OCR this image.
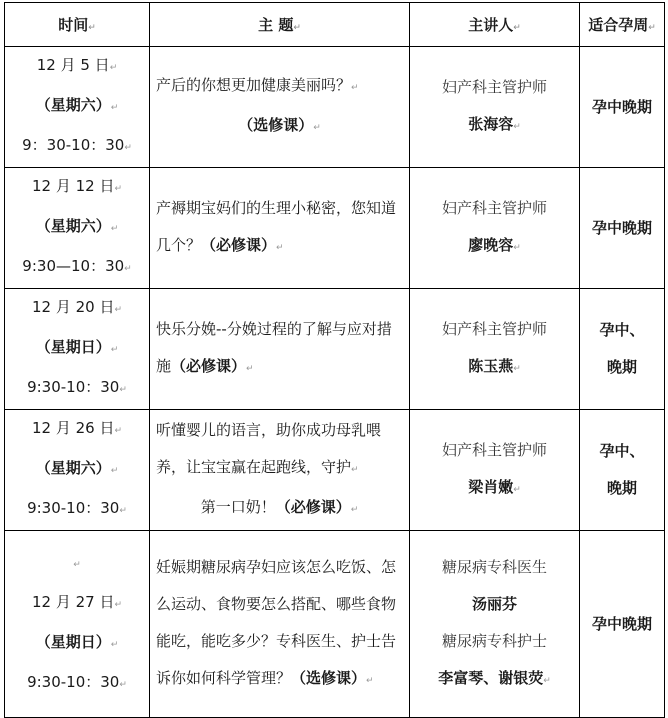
时间↵	主 题↵	主讲人↵	适合孕周↵

12 月 5 日↵
（星期六）↵
9：30-10：30↵	产后的你想更加健康美丽吗？↵
（选修课）↵	妇产科主管护师
张海容↵	孕中晚期

12 月 12 日↵
（星期六）↵
9:30—10：30↵	产褥期宝妈们的生理小秘密，您知道几个？（必修课）↵	妇产科主管护师
廖晚容↵	孕中晚期

12 月 20 日↵
（星期日）↵
9:30-10：30↵	快乐分娩--分娩过程的了解与应对措施（必修课）↵	妇产科主管护师
陈玉燕↵	孕中、
晚期

12 月 26 日↵
（星期六）↵
9:30-10：30↵	听懂婴儿的语言，助你成功母乳喂养，让宝宝赢在起跑线，守护↵
第一口奶！（必修课）↵	妇产科主管护师
梁肖嫩↵	孕中、
晚期

↵
12 月 27 日↵
（星期日）↵
9:30-10：30↵	妊娠期糖尿病孕妇应该怎么吃饭、怎么运动、食物要怎么搭配、哪些食物能吃，能吃多少？专科医生、护士告诉你如何科学管理？（选修课）↵	糖尿病专科医生
汤丽芬
糖尿病专科护士
李富琴、谢银荧↵	孕中晚期
